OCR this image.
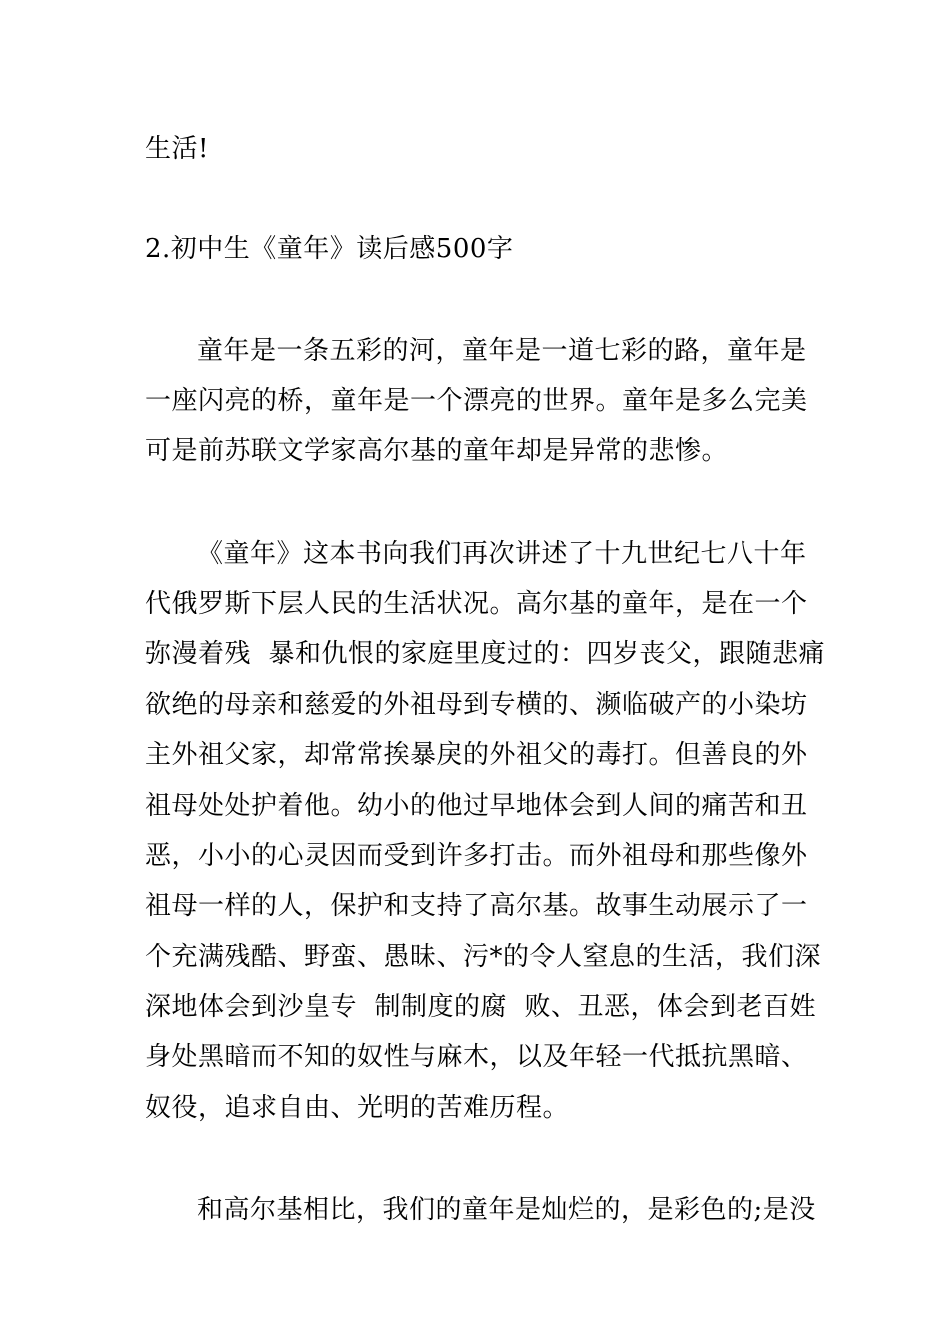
生活!
2.初中生《童年》读后感500字
童年是一条五彩的河，童年是一道七彩的路，童年是
一座闪亮的桥，童年是一个漂亮的世界。童年是多么完美
可是前苏联文学家高尔基的童年却是异常的悲惨。
《童年》这本书向我们再次讲述了十九世纪七八十年
代俄罗斯下层人民的生活状况。高尔基的童年，是在一个
弥漫着残  暴和仇恨的家庭里度过的：四岁丧父，跟随悲痛
欲绝的母亲和慈爱的外祖母到专横的、濒临破产的小染坊
主外祖父家，却常常挨暴戾的外祖父的毒打。但善良的外
祖母处处护着他。幼小的他过早地体会到人间的痛苦和丑
恶，小小的心灵因而受到许多打击。而外祖母和那些像外
祖母一样的人，保护和支持了高尔基。故事生动展示了一
个充满残酷、野蛮、愚昧、污*的令人窒息的生活，我们深
深地体会到沙皇专  制制度的腐  败、丑恶，体会到老百姓
身处黑暗而不知的奴性与麻木，以及年轻一代抵抗黑暗、
奴役，追求自由、光明的苦难历程。
和高尔基相比，我们的童年是灿烂的，是彩色的;是没
